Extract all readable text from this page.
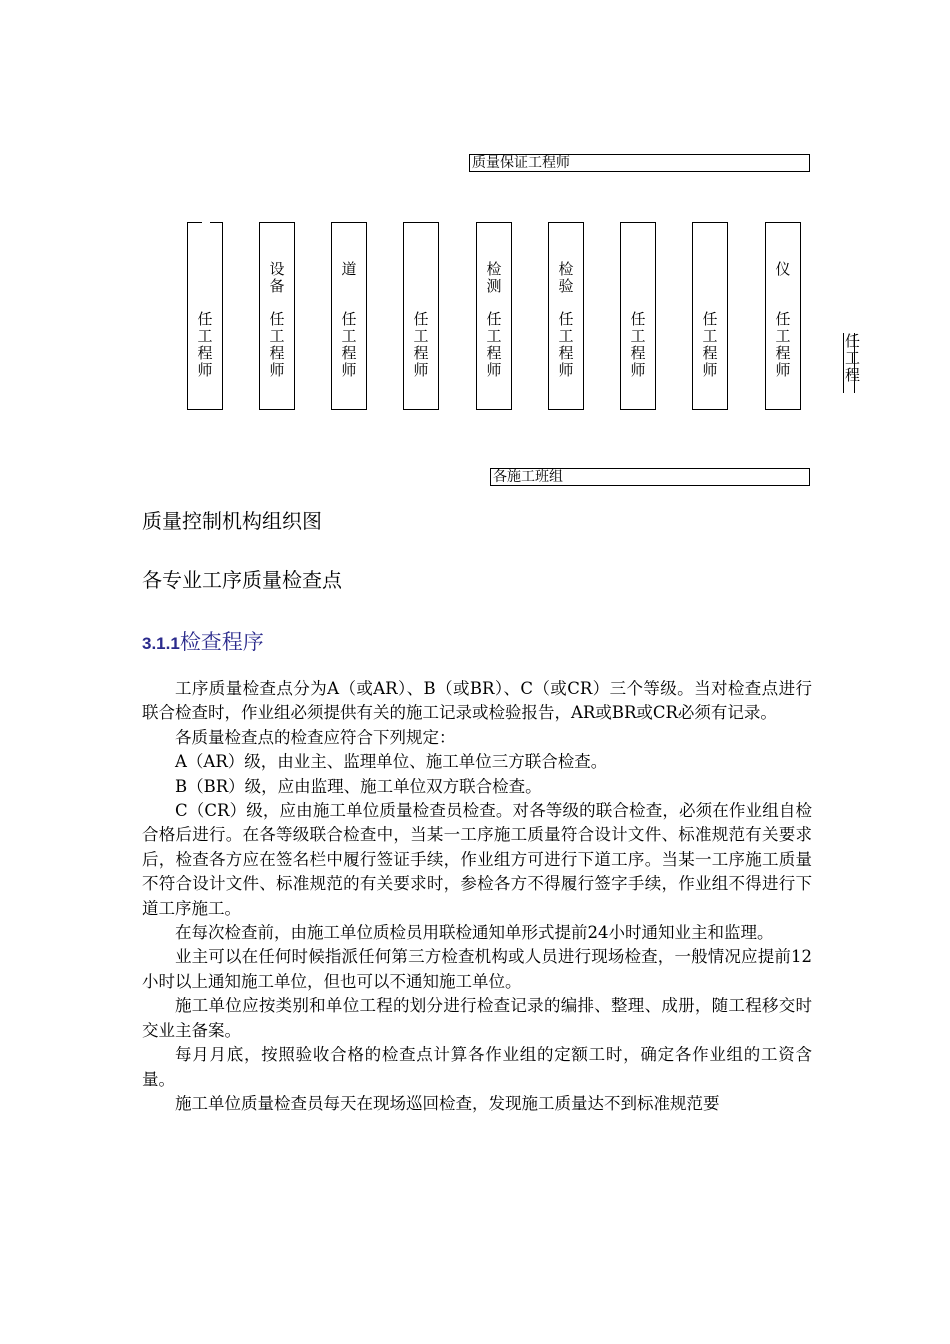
质量保证工程师
任
工
程
师
设
备
任
工
程
师
道
任
工
程
师
任
工
程
师
检
测
任
工
程
师
检
验
任
工
程
师
任
工
程
师
任
工
程
师
仪
任
工
程
师
任
工
程
各施工班组
质量控制机构组织图
各专业工序质量检查点
3.1.1检查程序

工序质量检查点分为A（或AR）、B（或BR）、C（或CR）三个等级。当对检查点进行联合检查时，作业组必须提供有关的施工记录或检验报告，AR或BR或CR必须有记录。

各质量检查点的检查应符合下列规定：

A（AR）级，由业主、监理单位、施工单位三方联合检查。

B（BR）级，应由监理、施工单位双方联合检查。

C（CR）级，应由施工单位质量检查员检查。对各等级的联合检查，必须在作业组自检合格后进行。在各等级联合检查中，当某一工序施工质量符合设计文件、标准规范有关要求后，检查各方应在签名栏中履行签证手续，作业组方可进行下道工序。当某一工序施工质量不符合设计文件、标准规范的有关要求时，参检各方不得履行签字手续，作业组不得进行下道工序施工。

在每次检查前，由施工单位质检员用联检通知单形式提前24小时通知业主和监理。

业主可以在任何时候指派任何第三方检查机构或人员进行现场检查，一般情况应提前12小时以上通知施工单位，但也可以不通知施工单位。

施工单位应按类别和单位工程的划分进行检查记录的编排、整理、成册，随工程移交时交业主备案。

每月月底，按照验收合格的检查点计算各作业组的定额工时，确定各作业组的工资含量。

施工单位质量检查员每天在现场巡回检查，发现施工质量达不到标准规范要
